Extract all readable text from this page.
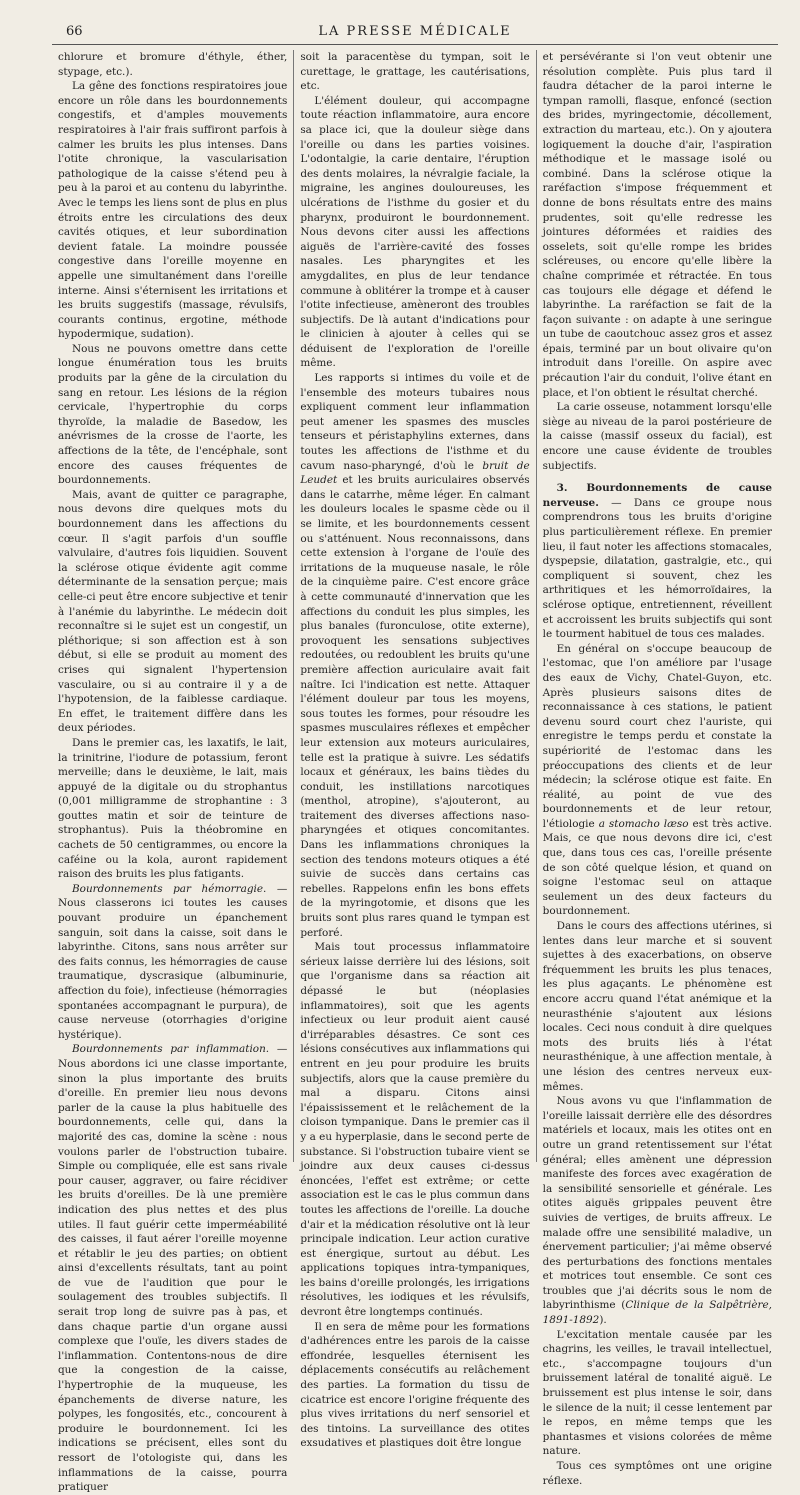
66	LA PRESSE MÉDICALE

chlorure et bromure d'éthyle, éther, stypage, etc.).

La gêne des fonctions respiratoires joue encore un rôle dans les bourdonnements congestifs, et d'amples mouvements respiratoires à l'air frais suffiront parfois à calmer les bruits les plus intenses. Dans l'otite chronique, la vascularisation pathologique de la caisse s'étend peu à peu à la paroi et au contenu du labyrinthe. Avec le temps les liens sont de plus en plus étroits entre les circulations des deux cavités otiques, et leur subordination devient fatale. La moindre poussée congestive dans l'oreille moyenne en appelle une simultanément dans l'oreille interne. Ainsi s'éternisent les irritations et les bruits suggestifs (massage, révulsifs, courants continus, ergotine, méthode hypodermique, sudation).

Nous ne pouvons omettre dans cette longue énumération tous les bruits produits par la gêne de la circulation du sang en retour. Les lésions de la région cervicale, l'hypertrophie du corps thyroïde, la maladie de Basedow, les anévrismes de la crosse de l'aorte, les affections de la tête, de l'encéphale, sont encore des causes fréquentes de bourdonnements.

Mais, avant de quitter ce paragraphe, nous devons dire quelques mots du bourdonnement dans les affections du cœur. Il s'agit parfois d'un souffle valvulaire, d'autres fois liquidien. Souvent la sclérose otique évidente agit comme déterminante de la sensation perçue; mais celle-ci peut être encore subjective et tenir à l'anémie du labyrinthe. Le médecin doit reconnaître si le sujet est un congestif, un pléthorique; si son affection est à son début, si elle se produit au moment des crises qui signalent l'hypertension vasculaire, ou si au contraire il y a de l'hypotension, de la faiblesse cardiaque. En effet, le traitement diffère dans les deux périodes.

Dans le premier cas, les laxatifs, le lait, la trinitrine, l'iodure de potassium, feront merveille; dans le deuxième, le lait, mais appuyé de la digitale ou du strophantus (0,001 milligramme de strophantine : 3 gouttes matin et soir de teinture de strophantus). Puis la théobromine en cachets de 50 centigrammes, ou encore la caféine ou la kola, auront rapidement raison des bruits les plus fatigants.

Bourdonnements par hémorragie. — Nous classerons ici toutes les causes pouvant produire un épanchement sanguin, soit dans la caisse, soit dans le labyrinthe. Citons, sans nous arrêter sur des faits connus, les hémorragies de cause traumatique, dyscrasique (albuminurie, affection du foie), infectieuse (hémorragies spontanées accompagnant le purpura), de cause nerveuse (otorrhagies d'origine hystérique).

Bourdonnements par inflammation. — Nous abordons ici une classe importante, sinon la plus importante des bruits d'oreille. En premier lieu nous devons parler de la cause la plus habituelle des bourdonnements, celle qui, dans la majorité des cas, domine la scène : nous voulons parler de l'obstruction tubaire. Simple ou compliquée, elle est sans rivale pour causer, aggraver, ou faire récidiver les bruits d'oreilles. De là une première indication des plus nettes et des plus utiles. Il faut guérir cette imperméabilité des caisses, il faut aérer l'oreille moyenne et rétablir le jeu des parties; on obtient ainsi d'excellents résultats, tant au point de vue de l'audition que pour le soulagement des troubles subjectifs. Il serait trop long de suivre pas à pas, et dans chaque partie d'un organe aussi complexe que l'ouïe, les divers stades de l'inflammation. Contentons-nous de dire que la congestion de la caisse, l'hypertrophie de la muqueuse, les épanchements de diverse nature, les polypes, les fongosités, etc., concourent à produire le bourdonnement. Ici les indications se précisent, elles sont du ressort de l'otologiste qui, dans les inflammations de la caisse, pourra pratiquer

soit la paracentèse du tympan, soit le curettage, le grattage, les cautérisations, etc.

L'élément douleur, qui accompagne toute réaction inflammatoire, aura encore sa place ici, que la douleur siège dans l'oreille ou dans les parties voisines. L'odontalgie, la carie dentaire, l'éruption des dents molaires, la névralgie faciale, la migraine, les angines douloureuses, les ulcérations de l'isthme du gosier et du pharynx, produiront le bourdonnement. Nous devons citer aussi les affections aiguës de l'arrière-cavité des fosses nasales. Les pharyngites et les amygdalites, en plus de leur tendance commune à oblitérer la trompe et à causer l'otite infectieuse, amèneront des troubles subjectifs. De là autant d'indications pour le clinicien à ajouter à celles qui se déduisent de l'exploration de l'oreille même.

Les rapports si intimes du voile et de l'ensemble des moteurs tubaires nous expliquent comment leur inflammation peut amener les spasmes des muscles tenseurs et péristaphylins externes, dans toutes les affections de l'isthme et du cavum naso-pharyngé, d'où le bruit de Leudet et les bruits auriculaires observés dans le catarrhe, même léger. En calmant les douleurs locales le spasme cède ou il se limite, et les bourdonnements cessent ou s'atténuent. Nous reconnaissons, dans cette extension à l'organe de l'ouïe des irritations de la muqueuse nasale, le rôle de la cinquième paire. C'est encore grâce à cette communauté d'innervation que les affections du conduit les plus simples, les plus banales (furonculose, otite externe), provoquent les sensations subjectives redoutées, ou redoublent les bruits qu'une première affection auriculaire avait fait naître. Ici l'indication est nette. Attaquer l'élément douleur par tous les moyens, sous toutes les formes, pour résoudre les spasmes musculaires réflexes et empêcher leur extension aux moteurs auriculaires, telle est la pratique à suivre. Les sédatifs locaux et généraux, les bains tièdes du conduit, les instillations narcotiques (menthol, atropine), s'ajouteront, au traitement des diverses affections naso-pharyngées et otiques concomitantes. Dans les inflammations chroniques la section des tendons moteurs otiques a été suivie de succès dans certains cas rebelles. Rappelons enfin les bons effets de la myringotomie, et disons que les bruits sont plus rares quand le tympan est perforé.

Mais tout processus inflammatoire sérieux laisse derrière lui des lésions, soit que l'organisme dans sa réaction ait dépassé le but (néoplasies inflammatoires), soit que les agents infectieux ou leur produit aient causé d'irréparables désastres. Ce sont ces lésions consécutives aux inflammations qui entrent en jeu pour produire les bruits subjectifs, alors que la cause première du mal a disparu. Citons ainsi l'épaississement et le relâchement de la cloison tympanique. Dans le premier cas il y a eu hyperplasie, dans le second perte de substance. Si l'obstruction tubaire vient se joindre aux deux causes ci-dessus énoncées, l'effet est extrême; or cette association est le cas le plus commun dans toutes les affections de l'oreille. La douche d'air et la médication résolutive ont là leur principale indication. Leur action curative est énergique, surtout au début. Les applications topiques intra-tympaniques, les bains d'oreille prolongés, les irrigations résolutives, les iodiques et les révulsifs, devront être longtemps continués.

Il en sera de même pour les formations d'adhérences entre les parois de la caisse effondrée, lesquelles éternisent les déplacements consécutifs au relâchement des parties. La formation du tissu de cicatrice est encore l'origine fréquente des plus vives irritations du nerf sensoriel et des tintoins. La surveillance des otites exsudatives et plastiques doit être longue

et persévérante si l'on veut obtenir une résolution complète. Puis plus tard il faudra détacher de la paroi interne le tympan ramolli, flasque, enfoncé (section des brides, myringectomie, décollement, extraction du marteau, etc.). On y ajoutera logiquement la douche d'air, l'aspiration méthodique et le massage isolé ou combiné. Dans la sclérose otique la raréfaction s'impose fréquemment et donne de bons résultats entre des mains prudentes, soit qu'elle redresse les jointures déformées et raidies des osselets, soit qu'elle rompe les brides scléreuses, ou encore qu'elle libère la chaîne comprimée et rétractée. En tous cas toujours elle dégage et défend le labyrinthe. La raréfaction se fait de la façon suivante : on adapte à une seringue un tube de caoutchouc assez gros et assez épais, terminé par un bout olivaire qu'on introduit dans l'oreille. On aspire avec précaution l'air du conduit, l'olive étant en place, et l'on obtient le résultat cherché.

La carie osseuse, notamment lorsqu'elle siège au niveau de la paroi postérieure de la caisse (massif osseux du facial), est encore une cause évidente de troubles subjectifs.

3. Bourdonnements de cause nerveuse. — Dans ce groupe nous comprendrons tous les bruits d'origine plus particulièrement réflexe. En premier lieu, il faut noter les affections stomacales, dyspepsie, dilatation, gastralgie, etc., qui compliquent si souvent, chez les arthritiques et les hémorroïdaires, la sclérose optique, entretiennent, réveillent et accroissent les bruits subjectifs qui sont le tourment habituel de tous ces malades.

En général on s'occupe beaucoup de l'estomac, que l'on améliore par l'usage des eaux de Vichy, Chatel-Guyon, etc. Après plusieurs saisons dites de reconnaissance à ces stations, le patient devenu sourd court chez l'auriste, qui enregistre le temps perdu et constate la supériorité de l'estomac dans les préoccupations des clients et de leur médecin; la sclérose otique est faite. En réalité, au point de vue des bourdonnements et de leur retour, l'étiologie a stomacho læso est très active. Mais, ce que nous devons dire ici, c'est que, dans tous ces cas, l'oreille présente de son côté quelque lésion, et quand on soigne l'estomac seul on attaque seulement un des deux facteurs du bourdonnement.

Dans le cours des affections utérines, si lentes dans leur marche et si souvent sujettes à des exacerbations, on observe fréquemment les bruits les plus tenaces, les plus agaçants. Le phénomène est encore accru quand l'état anémique et la neurasthénie s'ajoutent aux lésions locales. Ceci nous conduit à dire quelques mots des bruits liés à l'état neurasthénique, à une affection mentale, à une lésion des centres nerveux eux-mêmes.

Nous avons vu que l'inflammation de l'oreille laissait derrière elle des désordres matériels et locaux, mais les otites ont en outre un grand retentissement sur l'état général; elles amènent une dépression manifeste des forces avec exagération de la sensibilité sensorielle et générale. Les otites aiguës grippales peuvent être suivies de vertiges, de bruits affreux. Le malade offre une sensibilité maladive, un énervement particulier; j'ai même observé des perturbations des fonctions mentales et motrices tout ensemble. Ce sont ces troubles que j'ai décrits sous le nom de labyrinthisme (Clinique de la Salpêtrière, 1891-1892).

L'excitation mentale causée par les chagrins, les veilles, le travail intellectuel, etc., s'accompagne toujours d'un bruissement latéral de tonalité aiguë. Le bruissement est plus intense le soir, dans le silence de la nuit; il cesse lentement par le repos, en même temps que les phantasmes et visions colorées de même nature.

Tous ces symptômes ont une origine réflexe.
